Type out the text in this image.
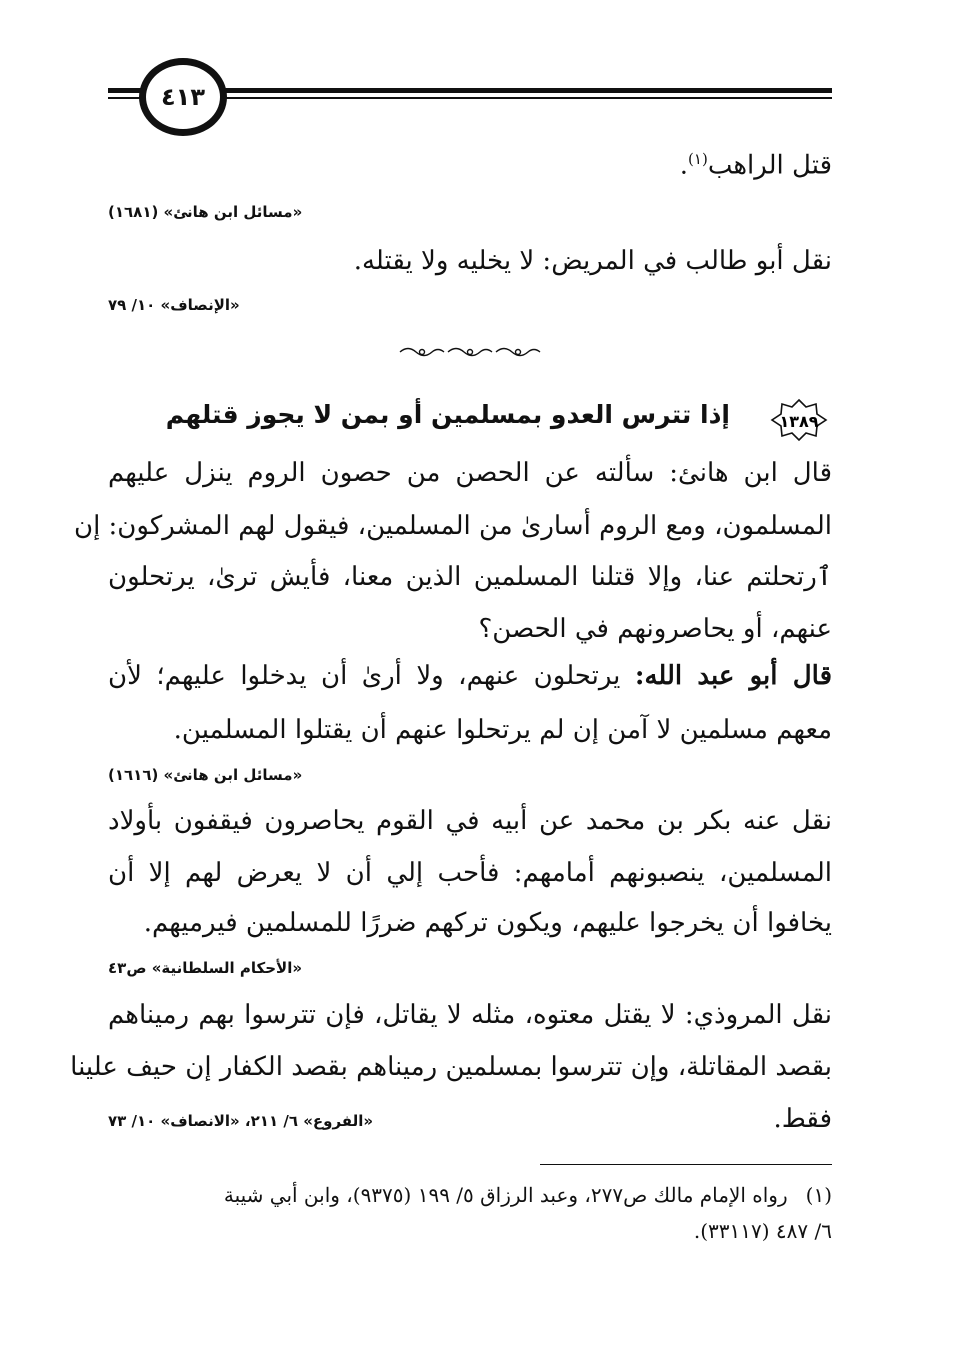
٤١٣
قتل الراهب$^{(١)}$.
«مسائل ابن هانئ» (١٦٨١)
نقل أبو طالب في المريض: لا يخليه ولا يقتله.
«الإنصاف» ١٠/ ٧٩
١٣٨٩
إذا تترس العدو بمسلمين أو بمن لا يجوز قتلهم
قال ابن هانئ: سألته عن الحصن من حصون الروم ينزل عليهم
المسلمون، ومع الروم أسارىٰ من المسلمين، فيقول لهم المشركون: إن
ٱرتحلتم عنا، وإلا قتلنا المسلمين الذين معنا، فأيش ترىٰ، يرتحلون
عنهم، أو يحاصرونهم في الحصن؟
قال أبو عبد الله: يرتحلون عنهم، ولا أرىٰ أن يدخلوا عليهم؛ لأن
معهم مسلمين لا آمن إن لم يرتحلوا عنهم أن يقتلوا المسلمين.
«مسائل ابن هانئ» (١٦١٦)
نقل عنه بكر بن محمد عن أبيه في القوم يحاصرون فيقفون بأولاد
المسلمين، ينصبونهم أمامهم: فأحب إلي أن لا يعرض لهم إلا أن
يخافوا أن يخرجوا عليهم، ويكون تركهم ضررًا للمسلمين فيرميهم.
«الأحكام السلطانية» ص٤٣
نقل المروذي: لا يقتل معتوه، مثله لا يقاتل، فإن تترسوا بهم رميناهم
بقصد المقاتلة، وإن تترسوا بمسلمين رميناهم بقصد الكفار إن حيف علينا
فقط.
«الفروع» ٦/ ٢١١، «الانصاف» ١٠/ ٧٣
(١)رواه الإمام مالك ص٢٧٧، وعبد الرزاق ٥/ ١٩٩ (٩٣٧٥)، وابن أبي شيبة
٦/ ٤٨٧ (٣٣١١٧).
